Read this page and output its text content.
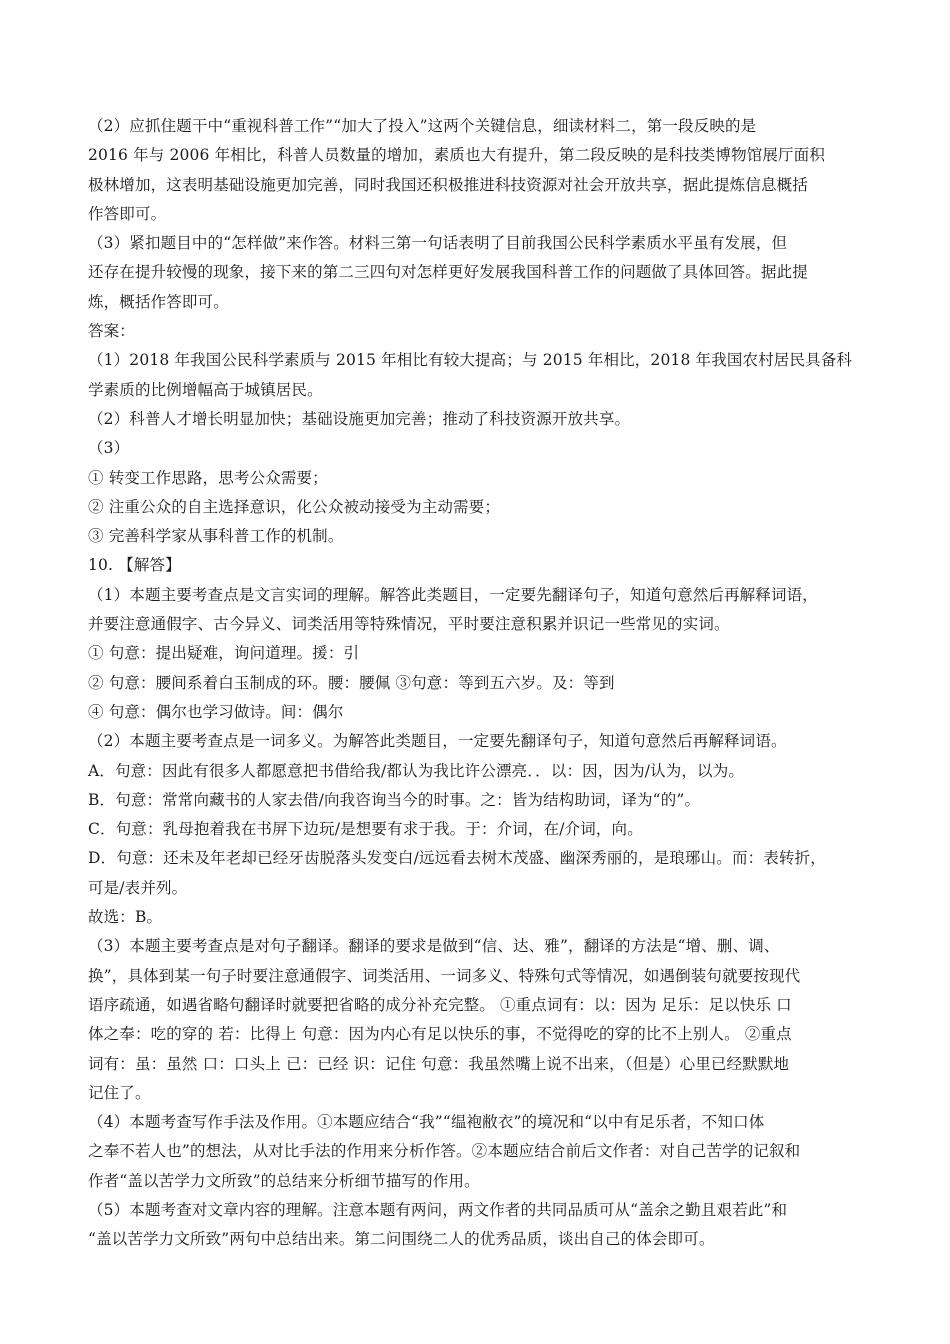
（2）应抓住题干中“重视科普工作”“加大了投入”这两个关键信息，细读材料二，第一段反映的是
2016 年与 2006 年相比，科普人员数量的增加，素质也大有提升，第二段反映的是科技类博物馆展厅面积
极林增加，这表明基础设施更加完善，同时我国还积极推进科技资源对社会开放共享，据此提炼信息概括
作答即可。
（3）紧扣题目中的“怎样做”来作答。材料三第一句话表明了目前我国公民科学素质水平虽有发展，但
还存在提升较慢的现象，接下来的第二三四句对怎样更好发展我国科普工作的问题做了具体回答。据此提
炼，概括作答即可。
答案：
（1）2018 年我国公民科学素质与 2015 年相比有较大提高；与 2015 年相比，2018 年我国农村居民具备科
学素质的比例增幅高于城镇居民。
（2）科普人才增长明显加快；基础设施更加完善；推动了科技资源开放共享。
（3）
① 转变工作思路，思考公众需要；
② 注重公众的自主选择意识，化公众被动接受为主动需要；
③ 完善科学家从事科普工作的机制。
10. 【解答】
（1）本题主要考查点是文言实词的理解。解答此类题目，一定要先翻译句子，知道句意然后再解释词语，
并要注意通假字、古今异义、词类活用等特殊情况，平时要注意积累并识记一些常见的实词。
① 句意：提出疑难，询问道理。援：引
② 句意：腰间系着白玉制成的环。腰：腰佩 ③句意：等到五六岁。及：等到
④ 句意：偶尔也学习做诗。间：偶尔
（2）本题主要考查点是一词多义。为解答此类题目，一定要先翻译句子，知道句意然后再解释词语。
A．句意：因此有很多人都愿意把书借给我/都认为我比许公漂亮．．以：因，因为/认为，以为。
B．句意：常常向藏书的人家去借/向我咨询当今的时事。之：皆为结构助词，译为“的”。
C．句意：乳母抱着我在书屏下边玩/是想要有求于我。于：介词，在/介词，向。
D．句意：还未及年老却已经牙齿脱落头发变白/远远看去树木茂盛、幽深秀丽的，是琅琊山。而：表转折，
可是/表并列。
故选：B。
（3）本题主要考查点是对句子翻译。翻译的要求是做到“信、达、雅”，翻译的方法是“增、删、调、
换”，具体到某一句子时要注意通假字、词类活用、一词多义、特殊句式等情况，如遇倒装句就要按现代
语序疏通，如遇省略句翻译时就要把省略的成分补充完整。 ①重点词有：以：因为 足乐：足以快乐 口
体之奉：吃的穿的 若：比得上 句意：因为内心有足以快乐的事，不觉得吃的穿的比不上别人。 ②重点
词有：虽：虽然 口：口头上 已：已经 识：记住 句意：我虽然嘴上说不出来，（但是）心里已经默默地
记住了。
（4）本题考查写作手法及作用。①本题应结合“我”“缊袍敝衣”的境况和“以中有足乐者，不知口体
之奉不若人也”的想法，从对比手法的作用来分析作答。②本题应结合前后文作者：对自己苦学的记叙和
作者“盖以苦学力文所致”的总结来分析细节描写的作用。
（5）本题考查对文章内容的理解。注意本题有两问，两文作者的共同品质可从“盖余之勤且艰若此”和
“盖以苦学力文所致”两句中总结出来。第二问围绕二人的优秀品质，谈出自己的体会即可。
